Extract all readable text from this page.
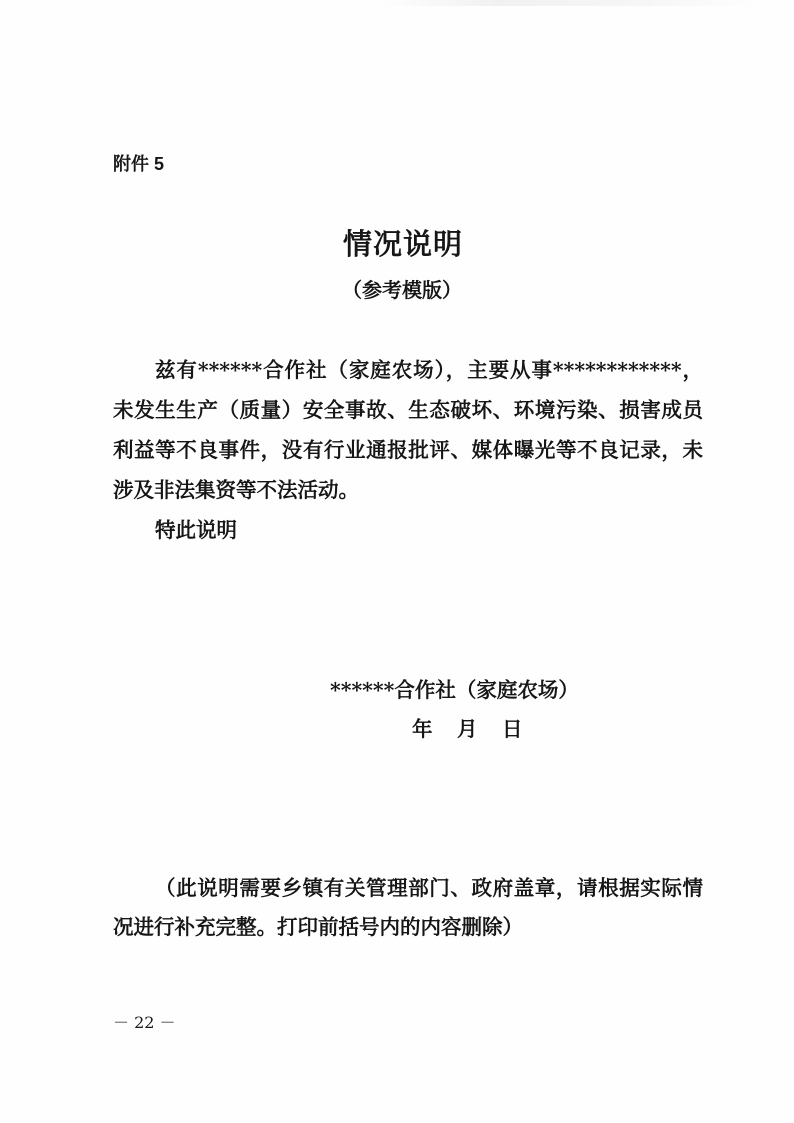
附件 5
情况说明
（参考模版）
兹有******合作社（家庭农场），主要从事************，
未发生生产（质量）安全事故、生态破坏、环境污染、损害成员
利益等不良事件，没有行业通报批评、媒体曝光等不良记录，未
涉及非法集资等不法活动。
特此说明
******合作社（家庭农场）
年　月　日
（此说明需要乡镇有关管理部门、政府盖章，请根据实际情
况进行补充完整。打印前括号内的内容删除）
－ 22 －
